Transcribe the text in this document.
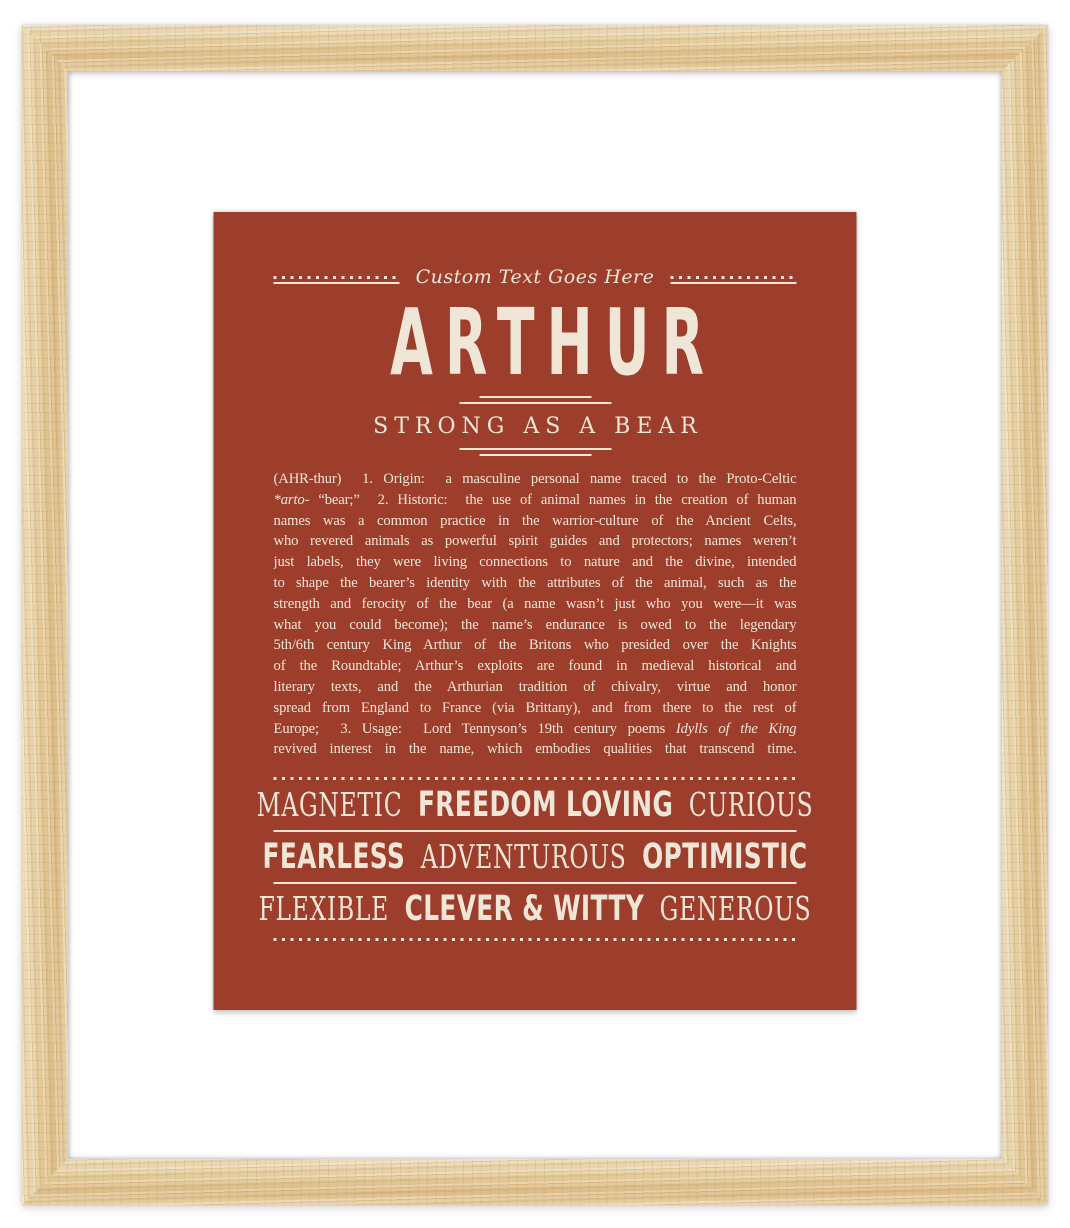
Custom Text Goes Here
ARTHUR
STRONG AS A BEAR
(AHR-thur)  1. Origin:  a masculine personal name traced to the Proto-Celtic
*arto- “bear;”  2. Historic:  the use of animal names in the creation of human
names was a common practice in the warrior-culture of the Ancient Celts,
who revered animals as powerful spirit guides and protectors; names weren’t
just labels, they were living connections to nature and the divine, intended
to shape the bearer’s identity with the attributes of the animal, such as the
strength and ferocity of the bear (a name wasn’t just who you were—it was
what you could become); the name’s endurance is owed to the legendary
5th/6th century King Arthur of the Britons who presided over the Knights
of the Roundtable; Arthur’s exploits are found in medieval historical and
literary texts, and the Arthurian tradition of chivalry, virtue and honor
spread from England to France (via Brittany), and from there to the rest of
Europe;  3. Usage:  Lord Tennyson’s 19th century poems Idylls of the King
revived interest in the name, which embodies qualities that transcend time.
MAGNETIC FREEDOM LOVING CURIOUS
FEARLESS ADVENTUROUS OPTIMISTIC
FLEXIBLE CLEVER & WITTY GENEROUS
